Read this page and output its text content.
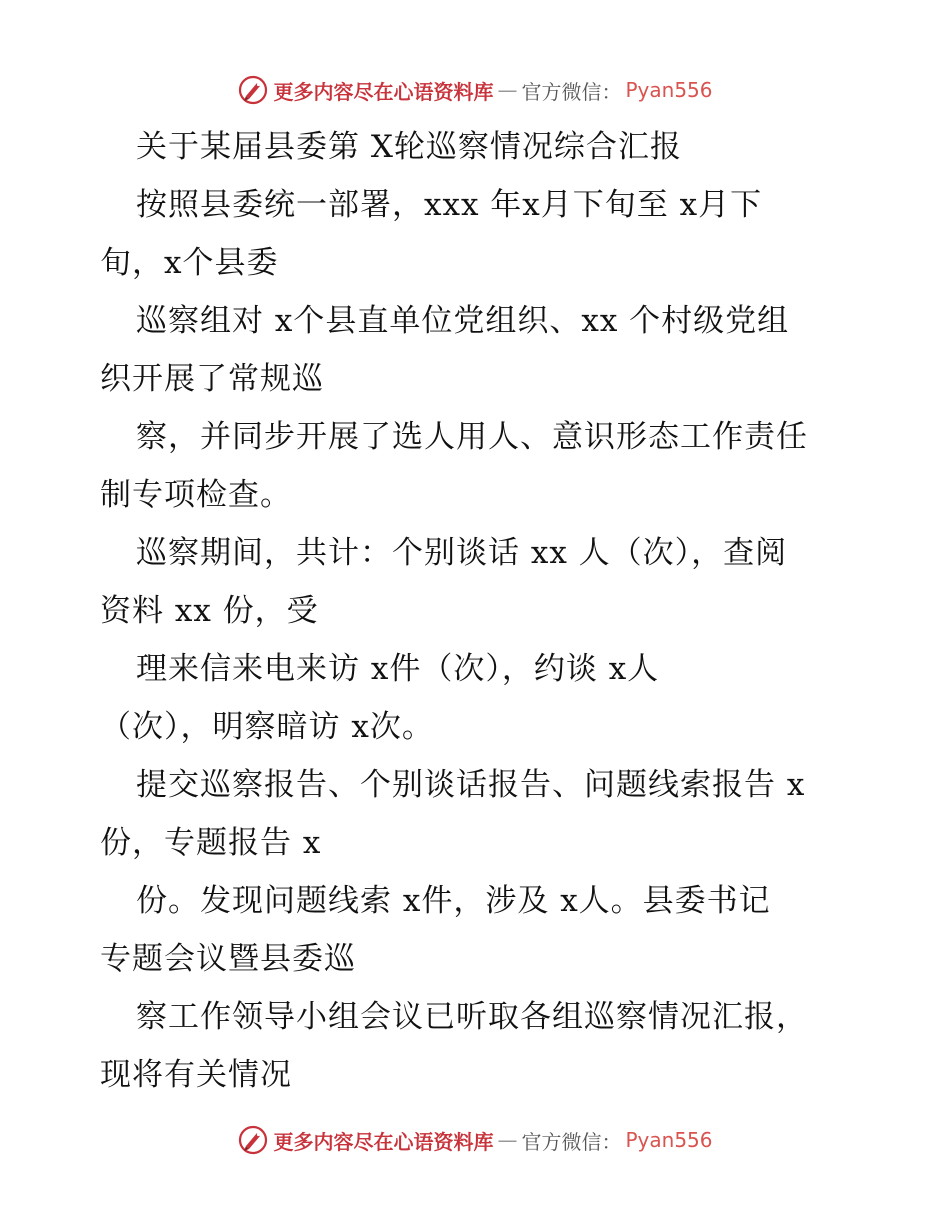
更多内容尽在心语资料库 — 官方微信： Pyan556
关于某届县委第 X轮巡察情况综合汇报
按照县委统一部署，xxx 年x月下旬至 x月下
旬，x个县委
巡察组对 x个县直单位党组织、xx 个村级党组
织开展了常规巡
察，并同步开展了选人用人、意识形态工作责任
制专项检查。
巡察期间，共计：个别谈话 xx 人（次），查阅
资料 xx 份，受
理来信来电来访 x件（次），约谈 x人
（次），明察暗访 x次。
提交巡察报告、个别谈话报告、问题线索报告 x
份，专题报告 x
份。发现问题线索 x件，涉及 x人。县委书记
专题会议暨县委巡
察工作领导小组会议已听取各组巡察情况汇报，
现将有关情况
更多内容尽在心语资料库 — 官方微信： Pyan556
